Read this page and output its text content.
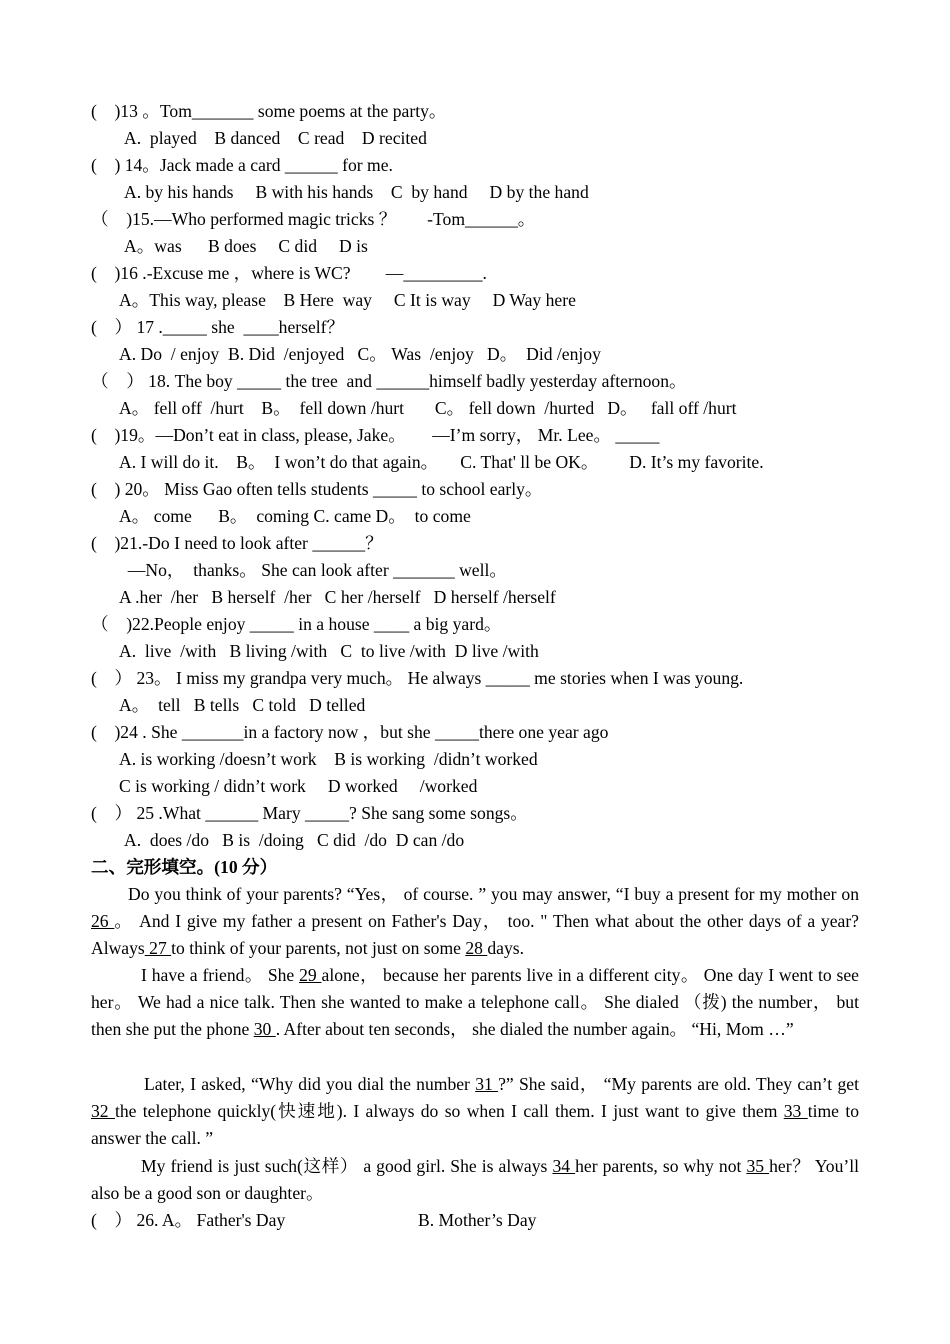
(    )13 。Tom_______ some poems at the party。
A.  played    B danced    C read    D recited
(    ) 14。Jack made a card ______ for me.
A. by his hands     B with his hands    C  by hand     D by the hand
（    )15.—Who performed magic tricks ？       -Tom______。
A。was      B does     C did     D is
(    )16 .-Excuse me ，where is WC?        —_________.
A。This way, please    B Here  way     C It is way     D Way here
(    ） 17 ._____ she  ____herself？
A. Do  / enjoy  B. Did  /enjoyed   C。 Was  /enjoy   D。  Did /enjoy
（    ） 18. The boy _____ the tree  and ______himself badly yesterday afternoon。
A。 fell off  /hurt    B。  fell down /hurt       C。 fell down  /hurted   D。   fall off /hurt
(    )19。—Don’t eat in class, please, Jake。      —I’m sorry， Mr. Lee。 _____
A. I will do it.    B。  I won’t do that again。     C. That' ll be OK。       D. It’s my favorite.
(    ) 20。 Miss Gao often tells students _____ to school early。
A。 come      B。  coming C. came D。  to come
(    )21.-Do I need to look after ______？
—No，  thanks。 She can look after _______ well。
A .her  /her   B herself  /her   C her /herself   D herself /herself
（    )22.People enjoy _____ in a house ____ a big yard。
A.  live  /with   B living /with   C  to live /with  D live /with
(    ） 23。 I miss my grandpa very much。 He always _____ me stories when I was young.
A。  tell   B tells   C told   D telled
(    )24 . She _______in a factory now ，but she _____there one year ago
A. is working /doesn’t work    B is working  /didn’t worked
C is working / didn’t work     D worked     /worked
(    ） 25 .What ______ Mary _____? She sang some songs。
A.  does /do   B is  /doing   C did  /do  D can /do
二、完形填空。(10 分）
Do you think of your parents? “Yes， of course. ” you may answer, “I buy a present for my mother on 26 。 And I give my father a present on Father's Day， too. " Then what about the other days of a year? Always 27 to think of your parents, not just on some 28 days.
I have a friend。 She 29 alone， because her parents live in a different city。 One day I went to see her。 We had a nice talk. Then she wanted to make a telephone call。 She dialed （拨) the number， but then she put the phone 30 . After about ten seconds， she dialed the number again。 “Hi, Mom …”
Later, I asked, “Why did you dial the number 31 ?” She said， “My parents are old. They can’t get 32 the telephone quickly(快速地). I always do so when I call them. I just want to give them 33 time to answer the call. ”
My friend is just such(这样） a good girl. She is always 34 her parents, so why not 35 her？ You’ll also be a good son or daughter。
(    ） 26. A。 Father's Day	B. Mother’s Day
